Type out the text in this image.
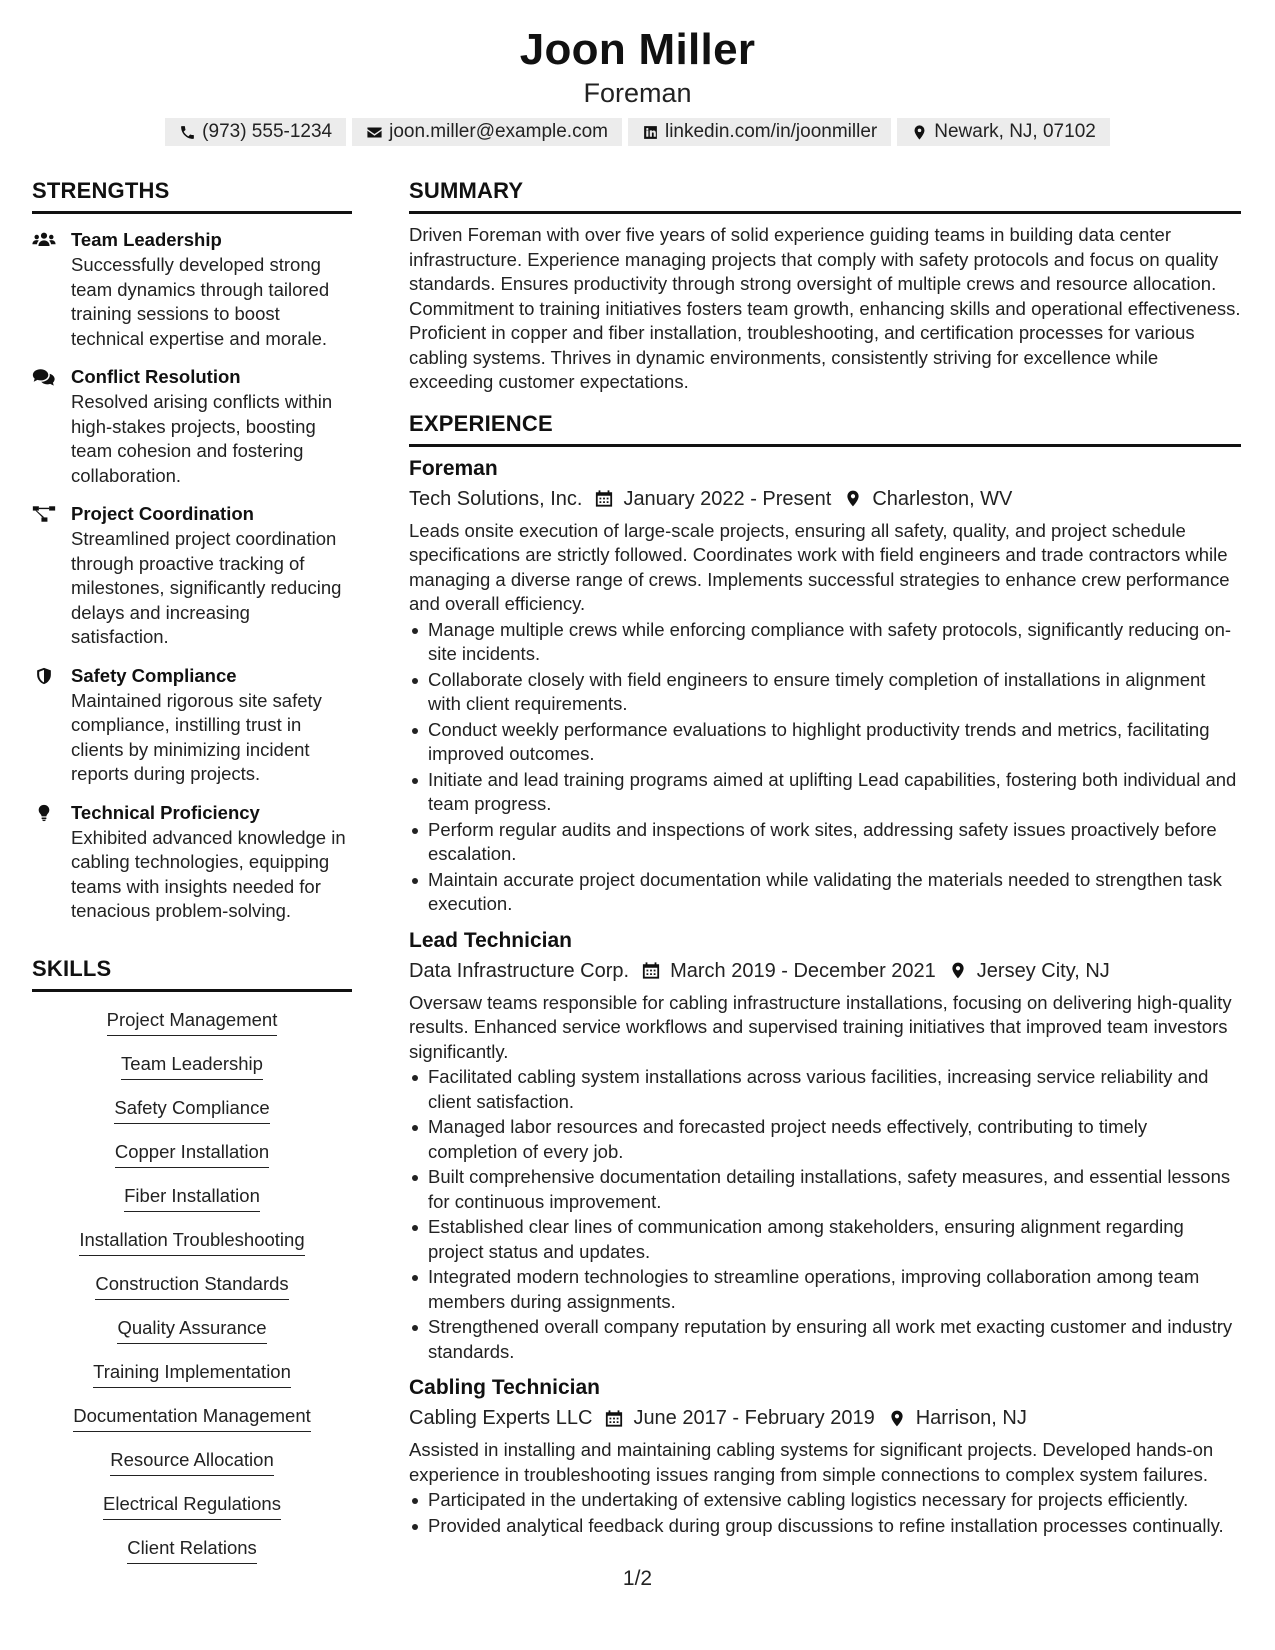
Joon Miller
Foreman
(973) 555-1234	joon.miller@example.com	linkedin.com/in/joonmiller	Newark, NJ, 07102
STRENGTHS
Team Leadership
Successfully developed strong team dynamics through tailored training sessions to boost technical expertise and morale.
Conflict Resolution
Resolved arising conflicts within high-stakes projects, boosting team cohesion and fostering collaboration.
Project Coordination
Streamlined project coordination through proactive tracking of milestones, significantly reducing delays and increasing satisfaction.
Safety Compliance
Maintained rigorous site safety compliance, instilling trust in clients by minimizing incident reports during projects.
Technical Proficiency
Exhibited advanced knowledge in cabling technologies, equipping teams with insights needed for tenacious problem-solving.
SKILLS
Project Management
Team Leadership
Safety Compliance
Copper Installation
Fiber Installation
Installation Troubleshooting
Construction Standards
Quality Assurance
Training Implementation
Documentation Management
Resource Allocation
Electrical Regulations
Client Relations
SUMMARY
Driven Foreman with over five years of solid experience guiding teams in building data center infrastructure. Experience managing projects that comply with safety protocols and focus on quality standards. Ensures productivity through strong oversight of multiple crews and resource allocation. Commitment to training initiatives fosters team growth, enhancing skills and operational effectiveness. Proficient in copper and fiber installation, troubleshooting, and certification processes for various cabling systems. Thrives in dynamic environments, consistently striving for excellence while exceeding customer expectations.
EXPERIENCE
Foreman
Tech Solutions, Inc. January 2022 - Present Charleston, WV
Leads onsite execution of large-scale projects, ensuring all safety, quality, and project schedule specifications are strictly followed. Coordinates work with field engineers and trade contractors while managing a diverse range of crews. Implements successful strategies to enhance crew performance and overall efficiency.
Manage multiple crews while enforcing compliance with safety protocols, significantly reducing on-site incidents.
Collaborate closely with field engineers to ensure timely completion of installations in alignment with client requirements.
Conduct weekly performance evaluations to highlight productivity trends and metrics, facilitating improved outcomes.
Initiate and lead training programs aimed at uplifting Lead capabilities, fostering both individual and team progress.
Perform regular audits and inspections of work sites, addressing safety issues proactively before escalation.
Maintain accurate project documentation while validating the materials needed to strengthen task execution.
Lead Technician
Data Infrastructure Corp. March 2019 - December 2021 Jersey City, NJ
Oversaw teams responsible for cabling infrastructure installations, focusing on delivering high-quality results. Enhanced service workflows and supervised training initiatives that improved team investors significantly.
Facilitated cabling system installations across various facilities, increasing service reliability and client satisfaction.
Managed labor resources and forecasted project needs effectively, contributing to timely completion of every job.
Built comprehensive documentation detailing installations, safety measures, and essential lessons for continuous improvement.
Established clear lines of communication among stakeholders, ensuring alignment regarding project status and updates.
Integrated modern technologies to streamline operations, improving collaboration among team members during assignments.
Strengthened overall company reputation by ensuring all work met exacting customer and industry standards.
Cabling Technician
Cabling Experts LLC June 2017 - February 2019 Harrison, NJ
Assisted in installing and maintaining cabling systems for significant projects. Developed hands-on experience in troubleshooting issues ranging from simple connections to complex system failures.
Participated in the undertaking of extensive cabling logistics necessary for projects efficiently.
Provided analytical feedback during group discussions to refine installation processes continually.
1/2
